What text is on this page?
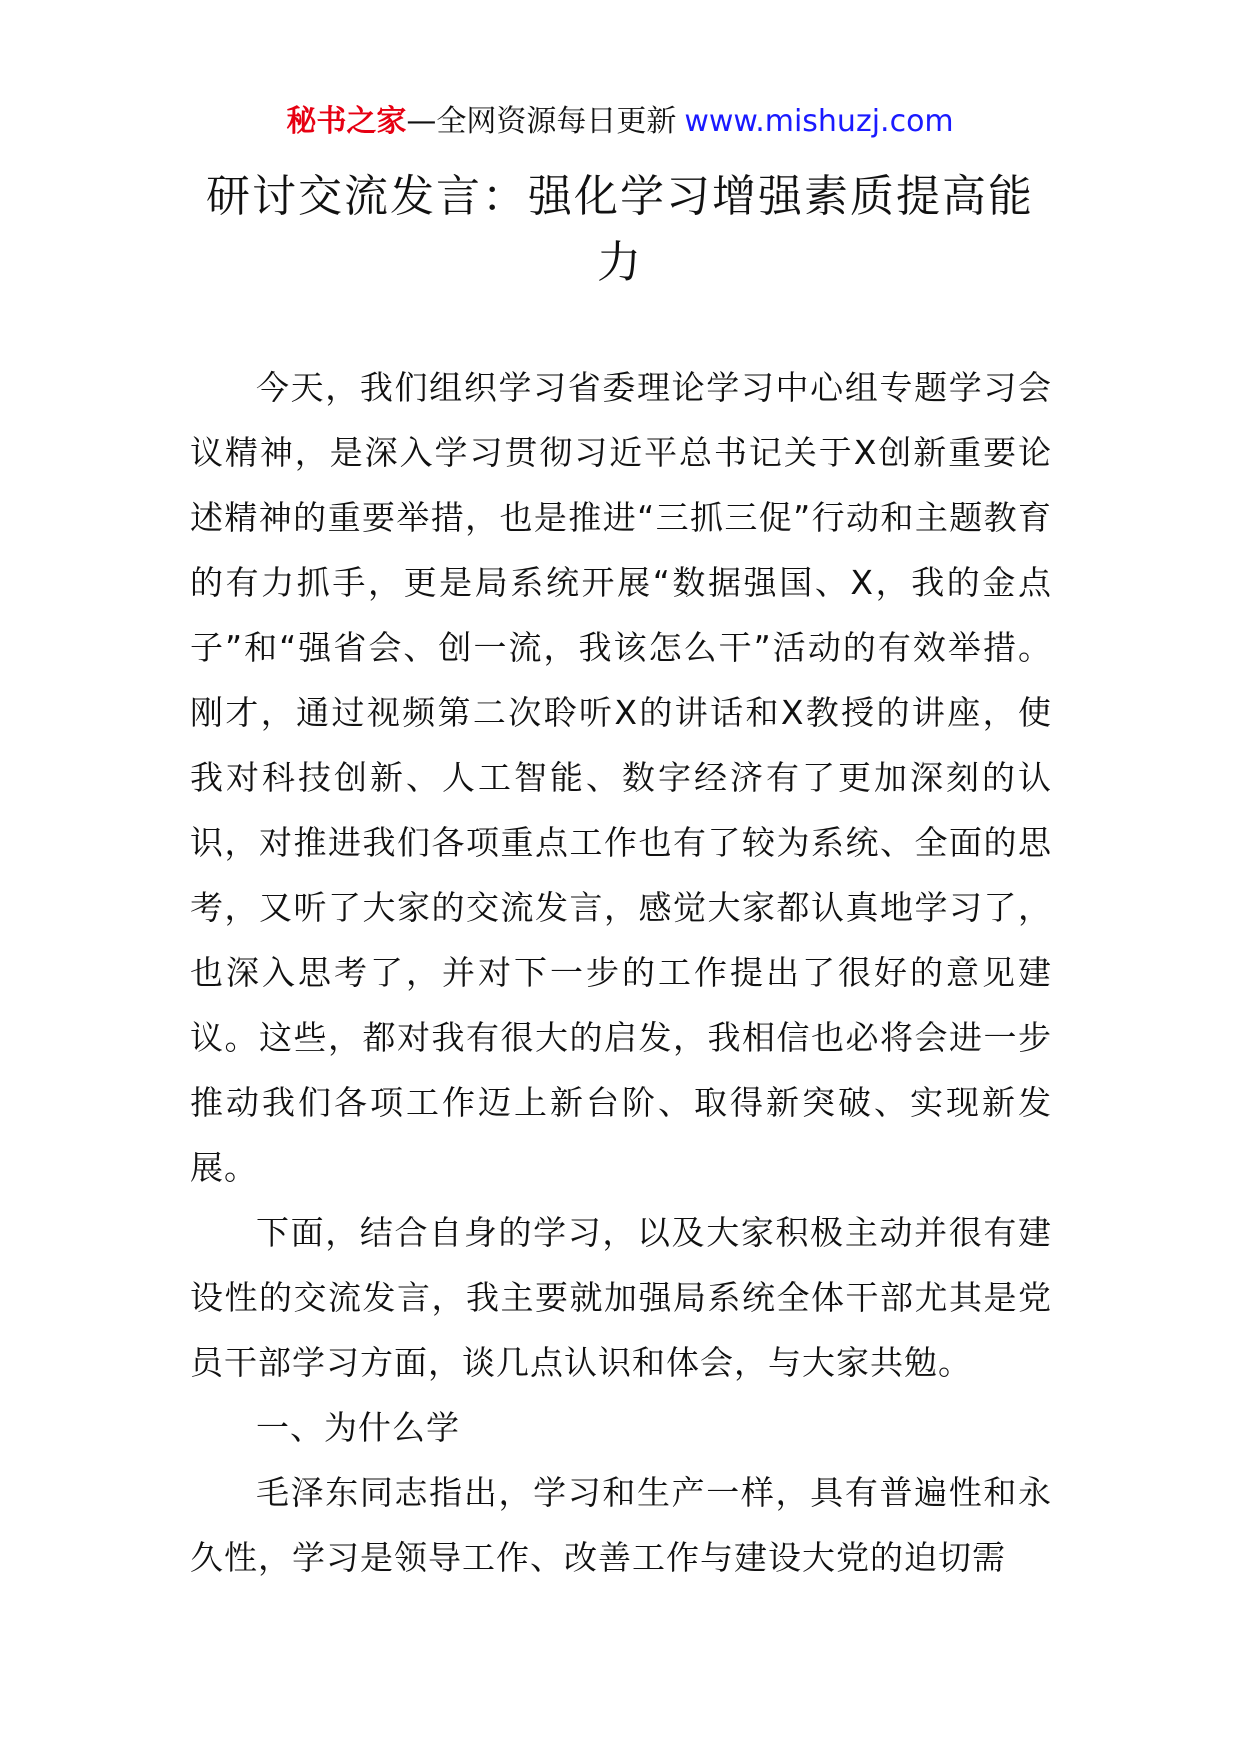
秘书之家—全网资源每日更新 www.mishuzj.com
研讨交流发言：强化学习增强素质提高能力

今天，我们组织学习省委理论学习中心组专题学习会议精神，是深入学习贯彻习近平总书记关于X创新重要论述精神的重要举措，也是推进“三抓三促”行动和主题教育的有力抓手，更是局系统开展“数据强国、X，我的金点子”和“强省会、创一流，我该怎么干”活动的有效举措。刚才，通过视频第二次聆听X的讲话和X教授的讲座，使我对科技创新、人工智能、数字经济有了更加深刻的认识，对推进我们各项重点工作也有了较为系统、全面的思考，又听了大家的交流发言，感觉大家都认真地学习了，也深入思考了，并对下一步的工作提出了很好的意见建议。这些，都对我有很大的启发，我相信也必将会进一步推动我们各项工作迈上新台阶、取得新突破、实现新发展。

下面，结合自身的学习，以及大家积极主动并很有建设性的交流发言，我主要就加强局系统全体干部尤其是党员干部学习方面，谈几点认识和体会，与大家共勉。

一、为什么学

毛泽东同志指出，学习和生产一样，具有普遍性和永久性，学习是领导工作、改善工作与建设大党的迫切需
